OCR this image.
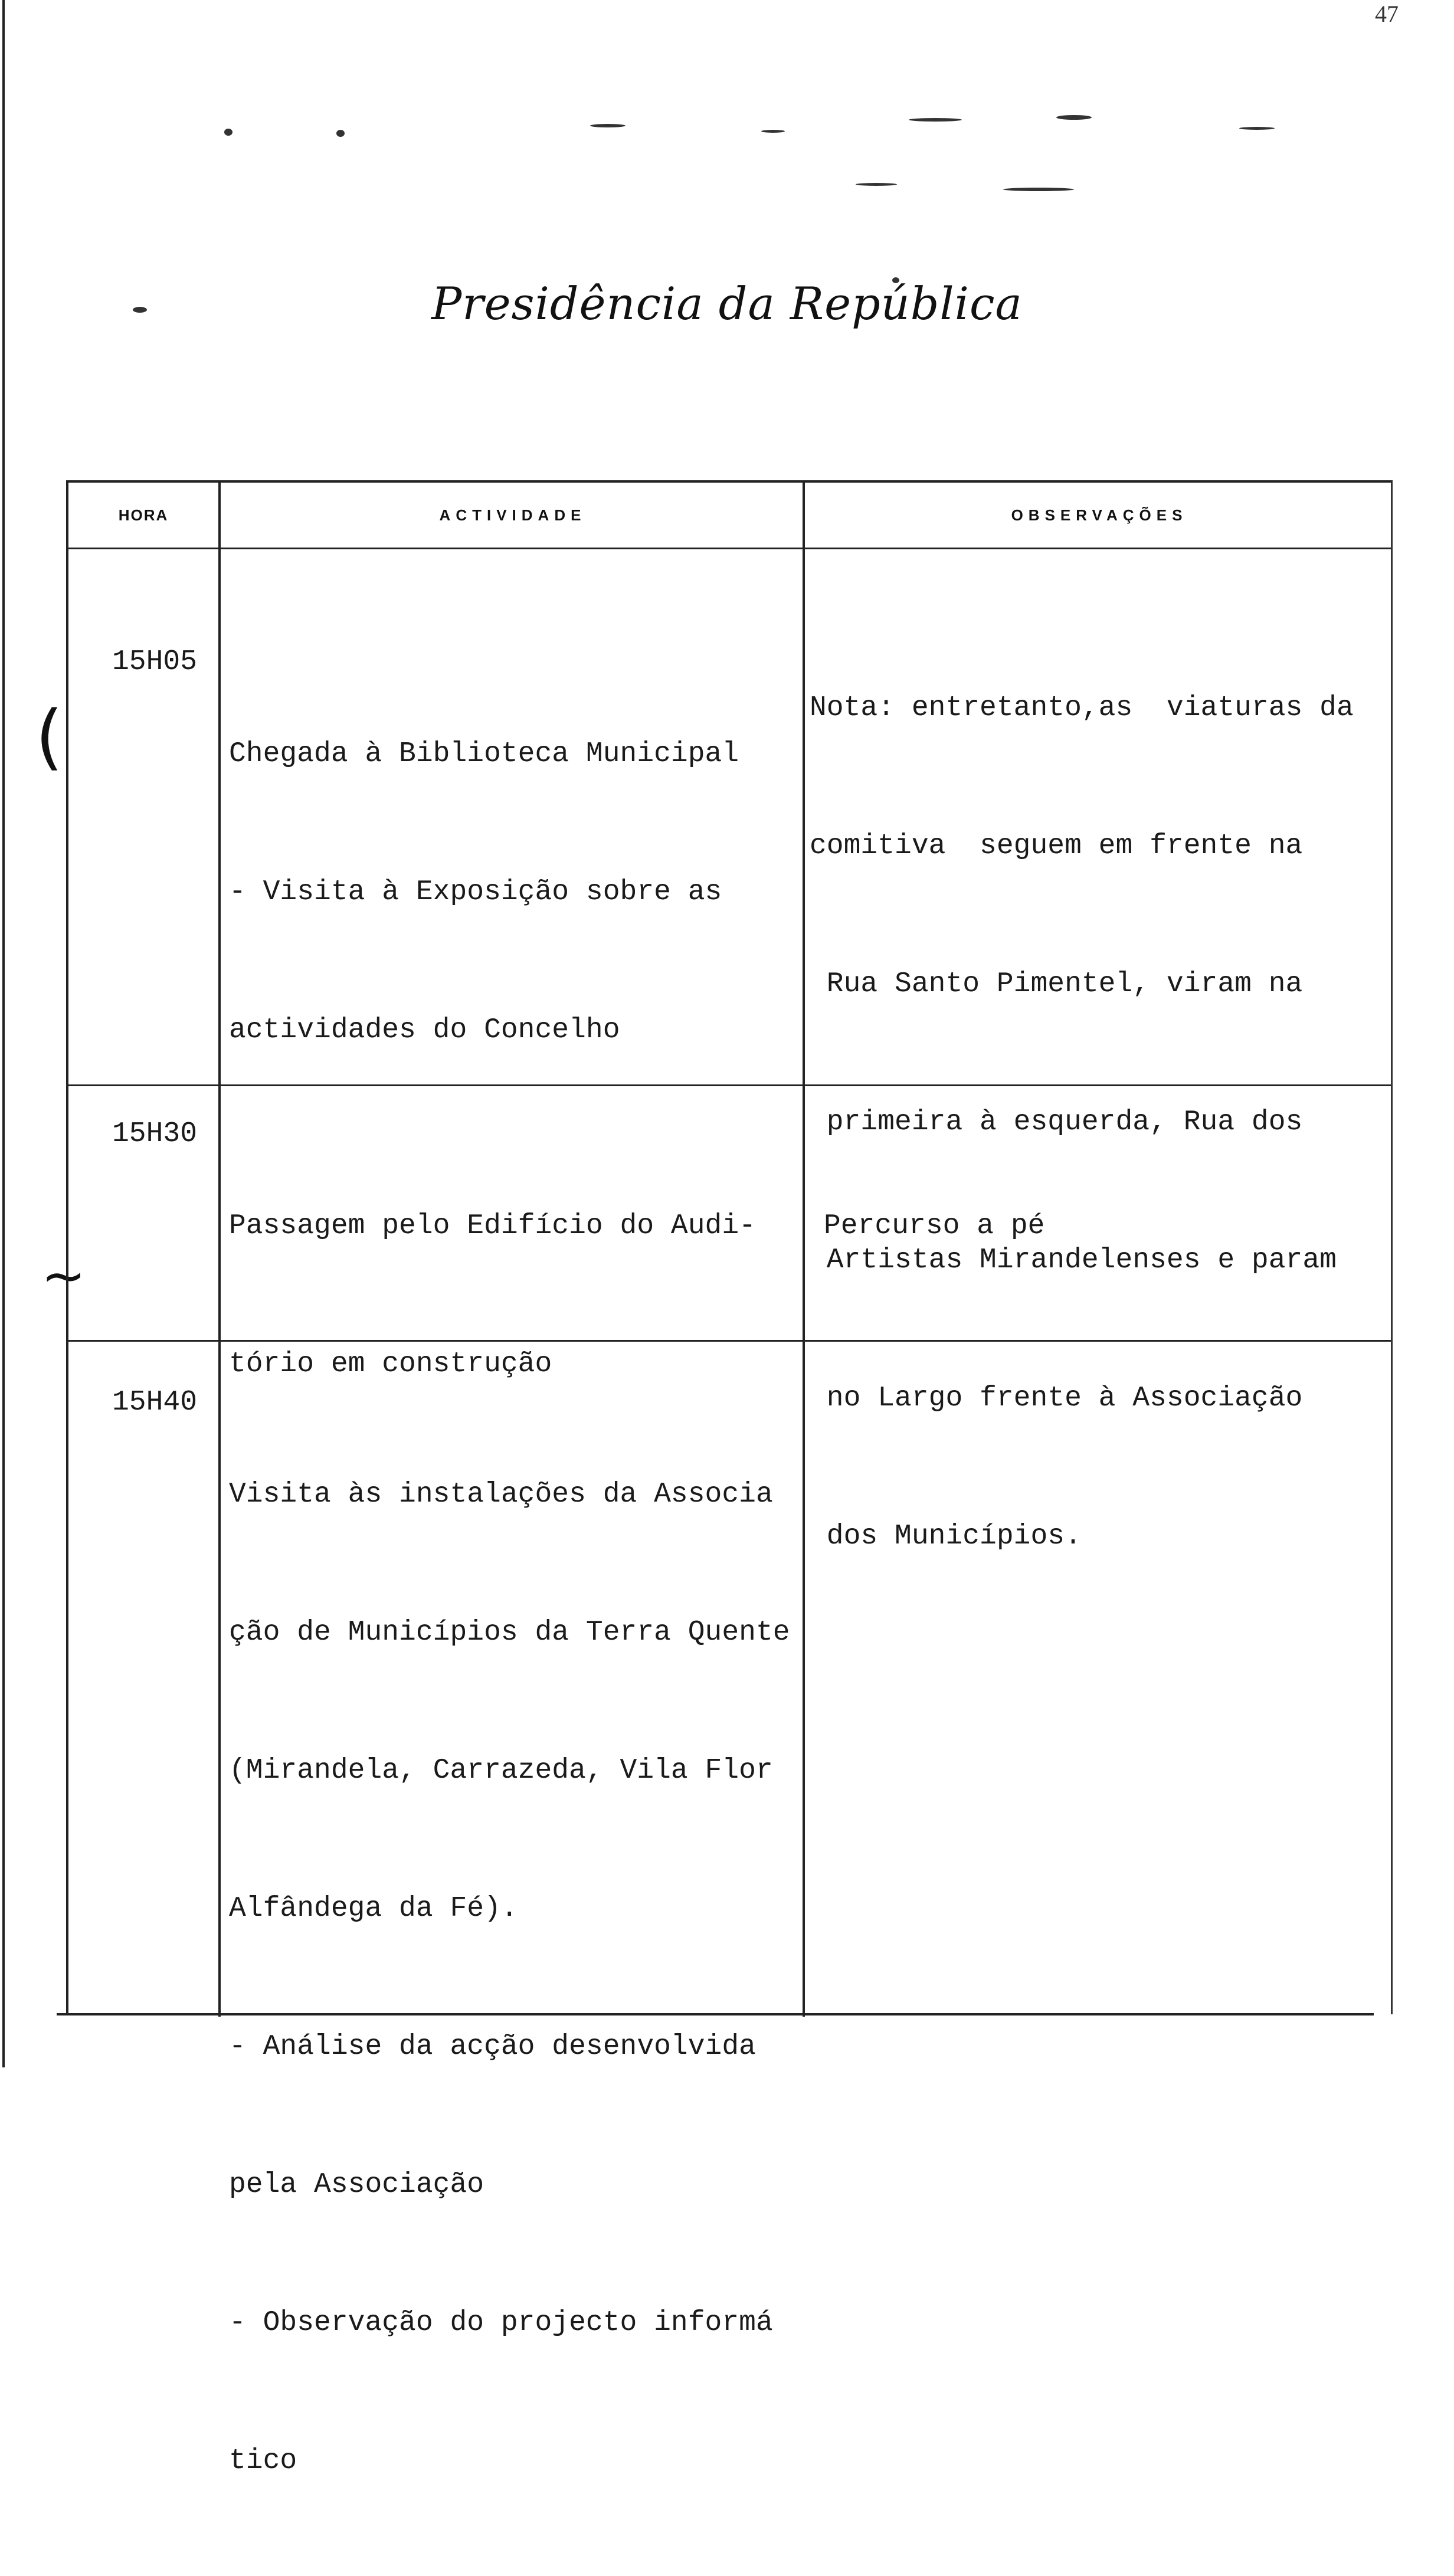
47
Presidência da República
(
~
HORA	ACTIVIDADE	OBSERVAÇÕES
15H05

Chegada à Biblioteca Municipal

- Visita à Exposição sobre as

actividades do Concelho

Nota: entretanto,as  viaturas da

comitiva  seguem em frente na

Rua Santo Pimentel, viram na

primeira à esquerda, Rua dos

Artistas Mirandelenses e param

no Largo frente à Associação

dos Municípios.

15H30

Passagem pelo Edifício do Audi-

tório em construção

Percurso a pé

15H40

Visita às instalações da Associa

ção de Municípios da Terra Quente

(Mirandela, Carrazeda, Vila Flor

Alfândega da Fé).

- Análise da acção desenvolvida

pela Associação

- Observação do projecto informá

tico
